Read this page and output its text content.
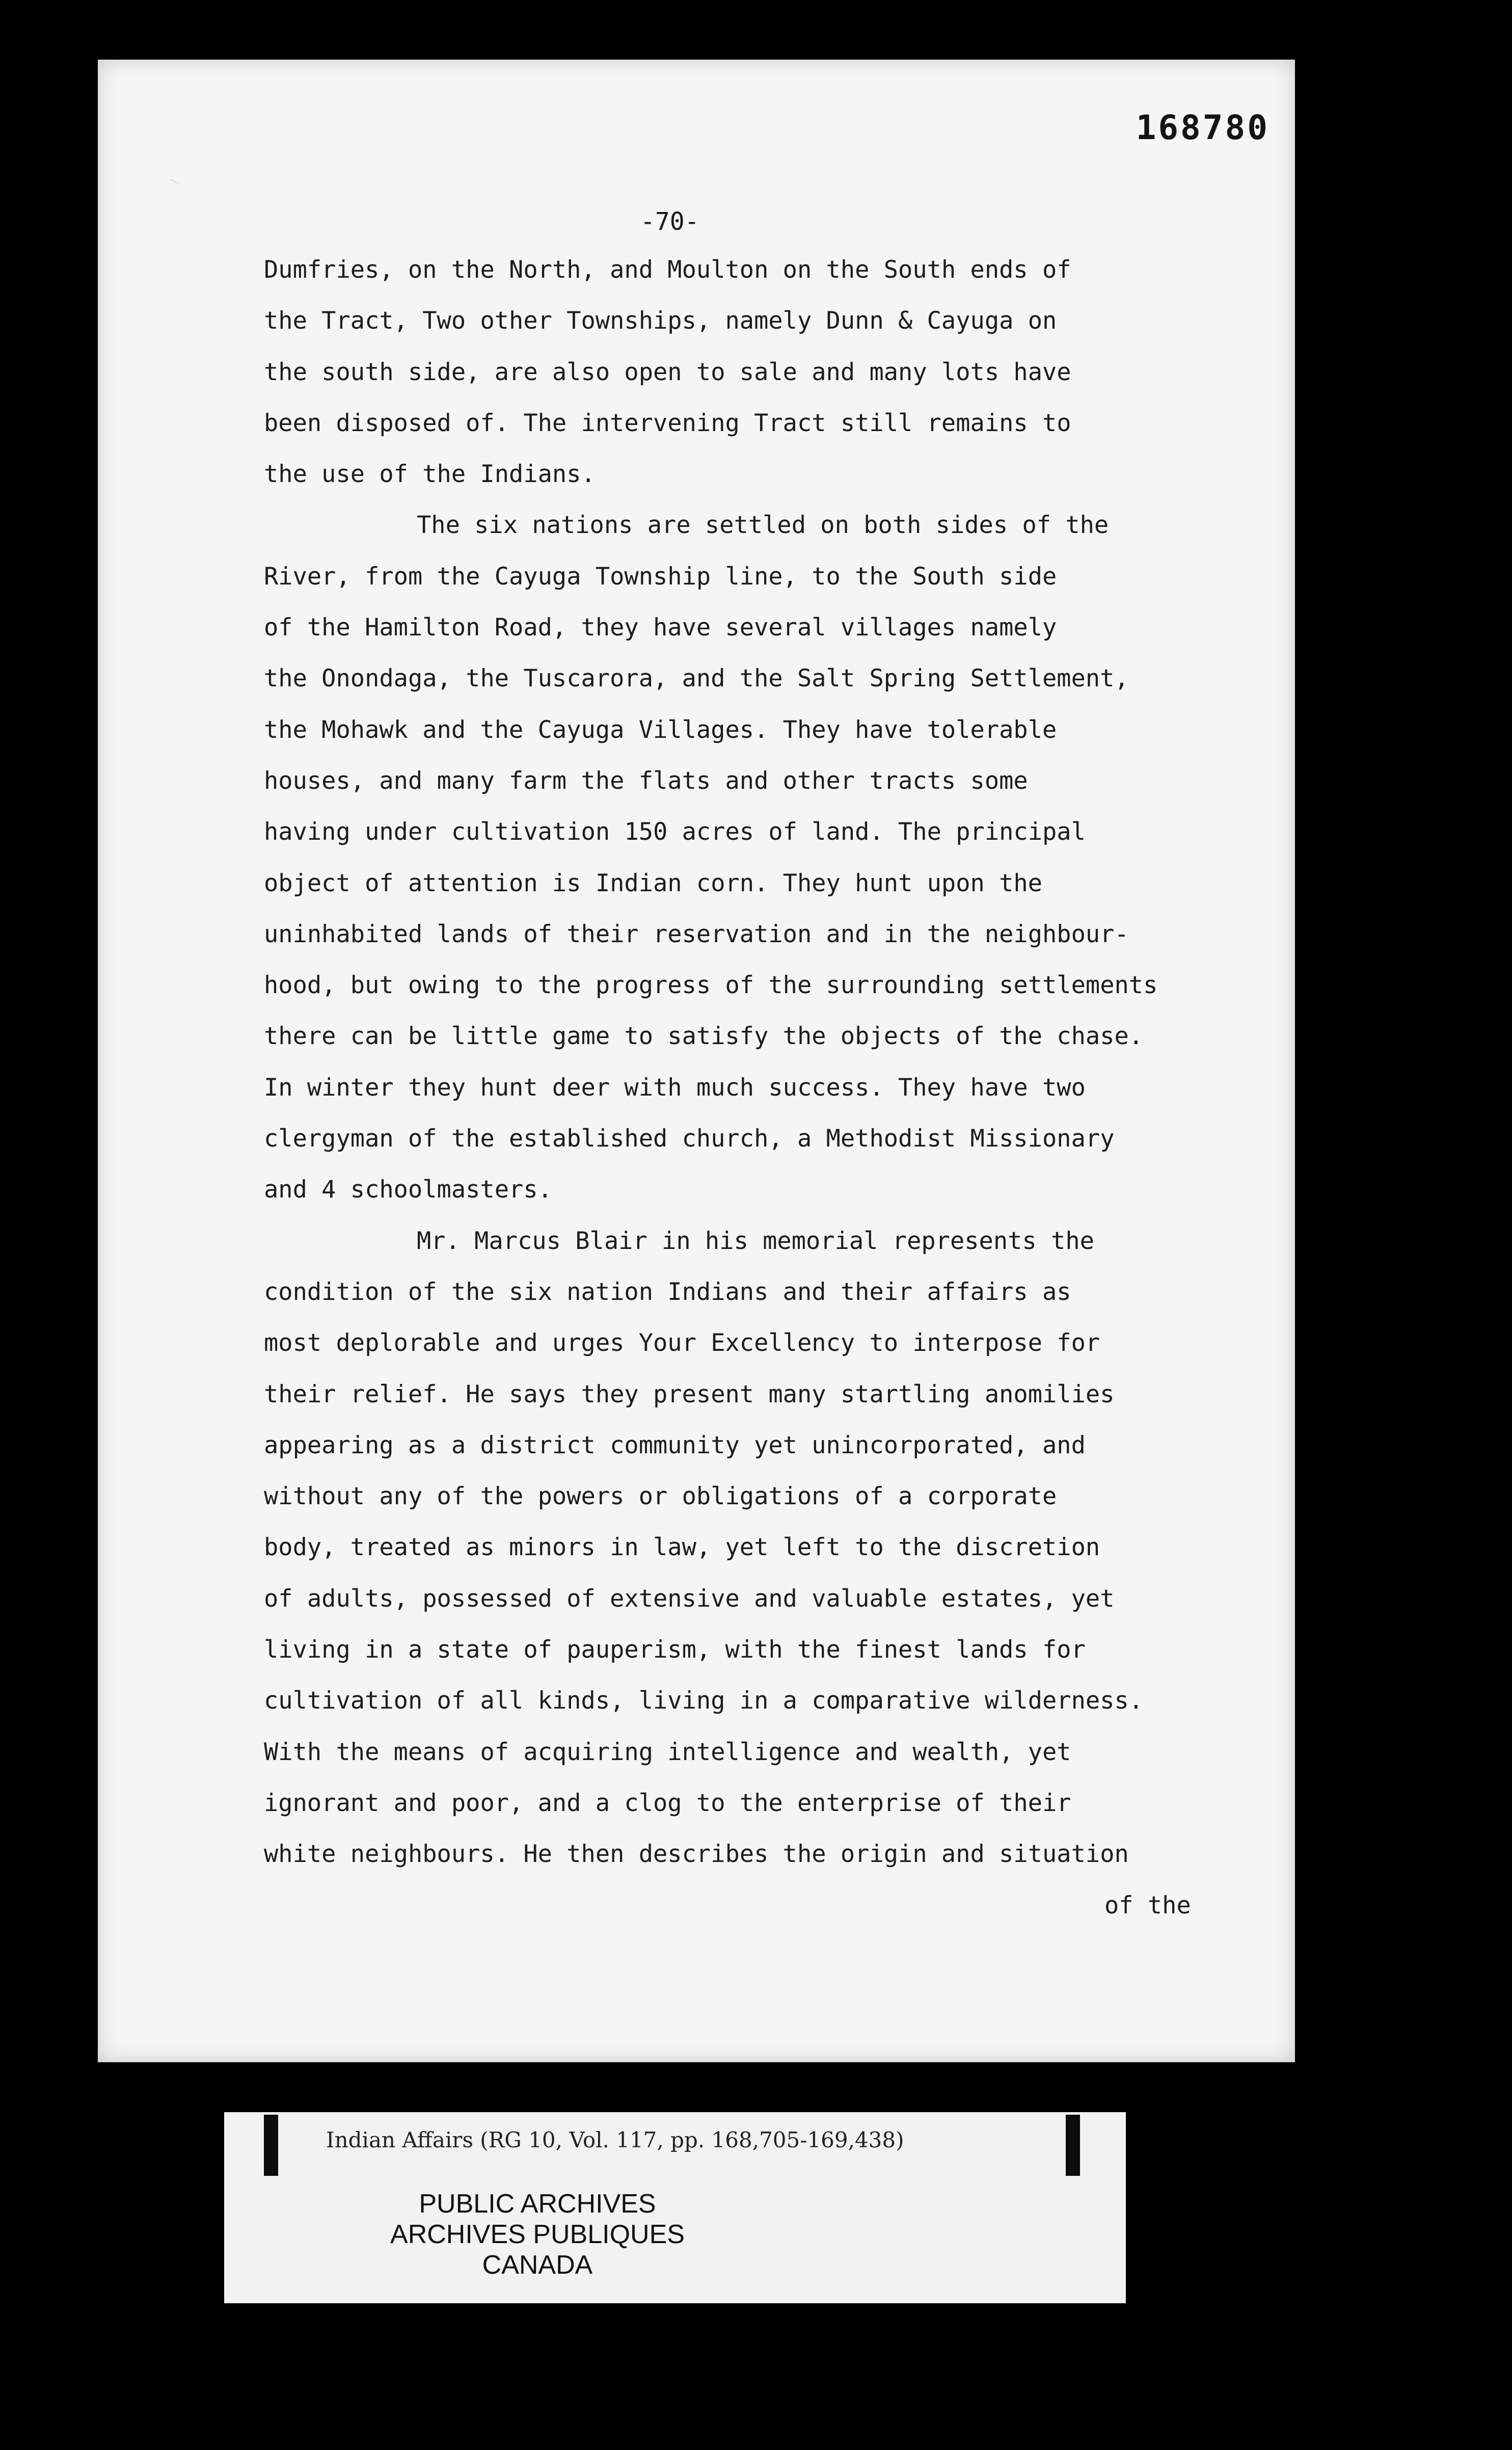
168780
-70-
~
Dumfries, on the North, and Moulton on the South ends of
the Tract, Two other Townships, namely Dunn & Cayuga on
the south side, are also open to sale and many lots have
been disposed of. The intervening Tract still remains to
the use of the Indians.
The six nations are settled on both sides of the
River, from the Cayuga Township line, to the South side
of the Hamilton Road, they have several villages namely
the Onondaga, the Tuscarora, and the Salt Spring Settlement,
the Mohawk and the Cayuga Villages. They have tolerable
houses, and many farm the flats and other tracts some
having under cultivation 150 acres of land. The principal
object of attention is Indian corn. They hunt upon the
uninhabited lands of their reservation and in the neighbour-
hood, but owing to the progress of the surrounding settlements
there can be little game to satisfy the objects of the chase.
In winter they hunt deer with much success. They have two
clergyman of the established church, a Methodist Missionary
and 4 schoolmasters.
Mr. Marcus Blair in his memorial represents the
condition of the six nation Indians and their affairs as
most deplorable and urges Your Excellency to interpose for
their relief. He says they present many startling anomilies
appearing as a district community yet unincorporated, and
without any of the powers or obligations of a corporate
body, treated as minors in law, yet left to the discretion
of adults, possessed of extensive and valuable estates, yet
living in a state of pauperism, with the finest lands for
cultivation of all kinds, living in a comparative wilderness.
With the means of acquiring intelligence and wealth, yet
ignorant and poor, and a clog to the enterprise of their
white neighbours. He then describes the origin and situation
of the
Indian Affairs (RG 10, Vol. 117, pp. 168,705-169,438)
PUBLIC ARCHIVES
ARCHIVES PUBLIQUES
CANADA
